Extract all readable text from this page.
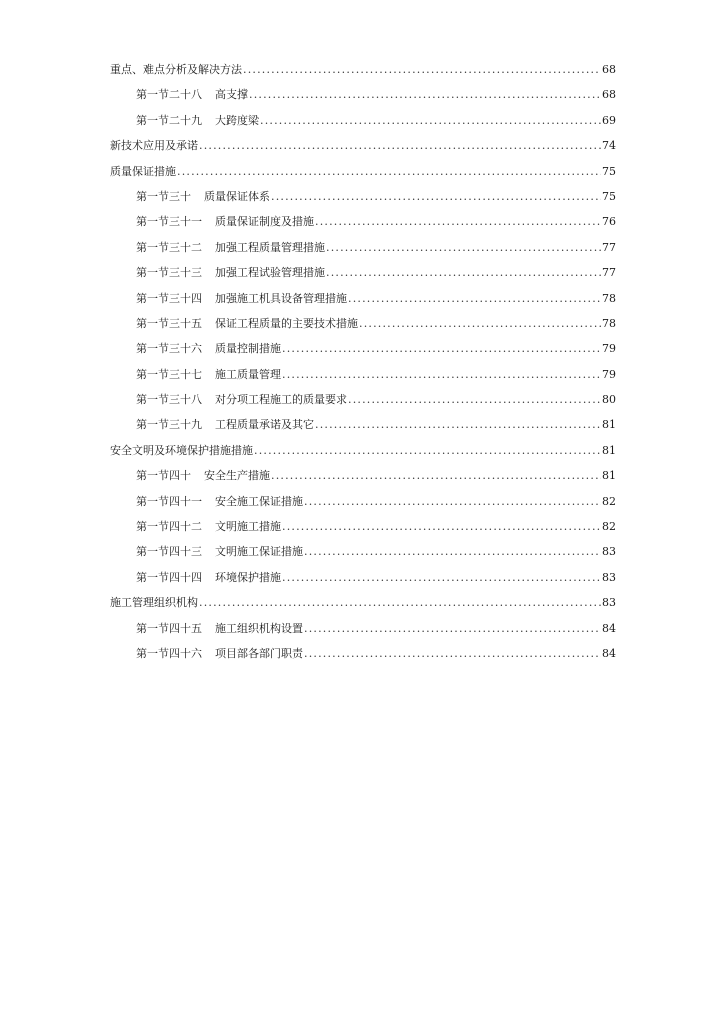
重点、难点分析及解决方法 .....	68
第一节二十八 高支撑 .....	68
第一节二十九 大跨度梁 .....	69
新技术应用及承诺 .....	74
质量保证措施 .....	75
第一节三十 质量保证体系 .....	75
第一节三十一 质量保证制度及措施 .....	76
第一节三十二 加强工程质量管理措施 .....	77
第一节三十三 加强工程试验管理措施 .....	77
第一节三十四 加强施工机具设备管理措施 .....	78
第一节三十五 保证工程质量的主要技术措施 .....	78
第一节三十六 质量控制措施 .....	79
第一节三十七 施工质量管理 .....	79
第一节三十八 对分项工程施工的质量要求 .....	80
第一节三十九 工程质量承诺及其它 .....	81
安全文明及环境保护措施措施 .....	81
第一节四十 安全生产措施 .....	81
第一节四十一 安全施工保证措施 .....	82
第一节四十二 文明施工措施 .....	82
第一节四十三 文明施工保证措施 .....	83
第一节四十四 环境保护措施 .....	83
施工管理组织机构 .....	83
第一节四十五 施工组织机构设置 .....	84
第一节四十六 项目部各部门职责 .....	84
